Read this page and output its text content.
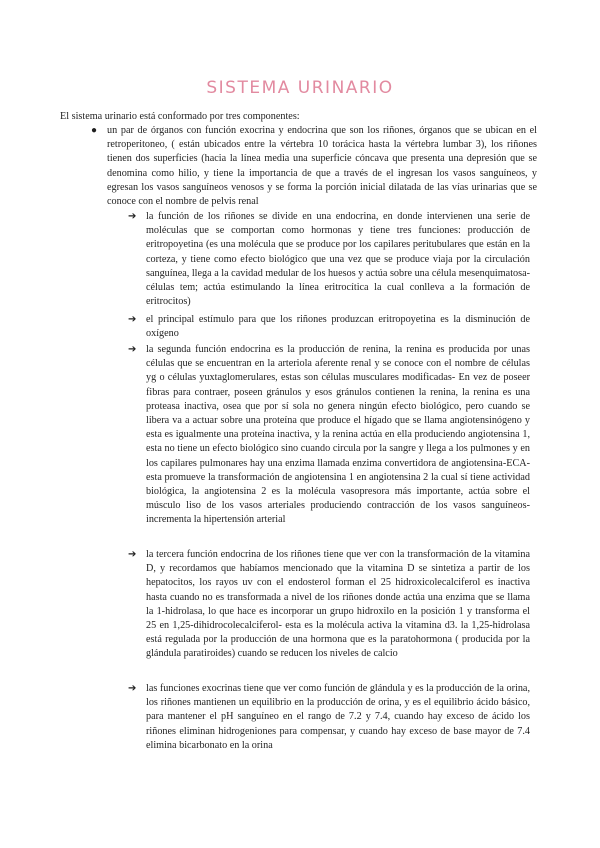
SISTEMA URINARIO
El sistema urinario está conformado por tres componentes:
● un par de órganos con función exocrina y endocrina que son los riñones, órganos que se ubican en el retroperitoneo, ( están ubicados entre la vértebra 10 torácica hasta la vértebra lumbar 3), los riñones tienen dos superficies (hacia la línea media una superficie cóncava que presenta una depresión que se denomina como hilio, y tiene la importancia de que a través de el ingresan los vasos sanguíneos, y egresan los vasos sanguíneos venosos y se forma la porción inicial dilatada de las vías urinarias que se conoce con el nombre de pelvis renal
➔ la función de los riñones se divide en una endocrina, en donde intervienen una serie de moléculas que se comportan como hormonas y tiene tres funciones: producción de eritropoyetina (es una molécula que se produce por los capilares peritubulares que están en la corteza, y tiene como efecto biológico que una vez que se produce viaja por la circulación sanguínea, llega a la cavidad medular de los huesos y actúa sobre una célula mesenquimatosa- células tem; actúa estimulando la línea eritrocítica la cual conlleva a la formación de eritrocitos)
➔ el principal estímulo para que los riñones produzcan eritropoyetina es la disminución de oxígeno
➔ la segunda función endocrina es la producción de renina, la renina es producida por unas células que se encuentran en la arteriola aferente renal y se conoce con el nombre de células yg o células yuxtaglomerulares, estas son células musculares modificadas- En vez de poseer fibras para contraer, poseen gránulos y esos gránulos contienen la renina, la renina es una proteasa inactiva, osea que por sí sola no genera ningún efecto biológico, pero cuando se libera va a actuar sobre una proteína que produce el hígado que se llama angiotensinógeno y esta es igualmente una proteína inactiva, y la renina actúa en ella produciendo angiotensina 1, esta no tiene un efecto biológico sino cuando circula por la sangre y llega a los pulmones y en los capilares pulmonares hay una enzima llamada enzima convertidora de angiotensina-ECA- esta promueve la transformación de angiotensina 1 en angiotensina 2 la cual sí tiene actividad biológica, la angiotensina 2 es la molécula vasopresora más importante, actúa sobre el músculo liso de los vasos arteriales produciendo contracción de los vasos sanguíneos- incrementa la hipertensión arterial
➔ la tercera función endocrina de los riñones tiene que ver con la transformación de la vitamina D, y recordamos que habíamos mencionado que la vitamina D se sintetiza a partir de los hepatocitos, los rayos uv con el endosterol forman el 25 hidroxicolecalciferol es inactiva hasta cuando no es transformada a nivel de los riñones donde actúa una enzima que se llama la 1-hidrolasa, lo que hace es incorporar un grupo hidroxilo en la posición 1 y transforma el 25 en 1,25-dihidrocolecalciferol- esta es la molécula activa la vitamina d3. la 1,25-hidrolasa está regulada por la producción de una hormona que es la paratohormona ( producida por la glándula paratiroides) cuando se reducen los niveles de calcio
➔ las funciones exocrinas tiene que ver como función de glándula y es la producción de la orina, los riñones mantienen un equilibrio en la producción de orina, y es el equilibrio ácido básico, para mantener el pH sanguíneo en el rango de 7.2 y 7.4, cuando hay exceso de ácido los riñones eliminan hidrogeniones para compensar, y cuando hay exceso de base mayor de 7.4 elimina bicarbonato en la orina
